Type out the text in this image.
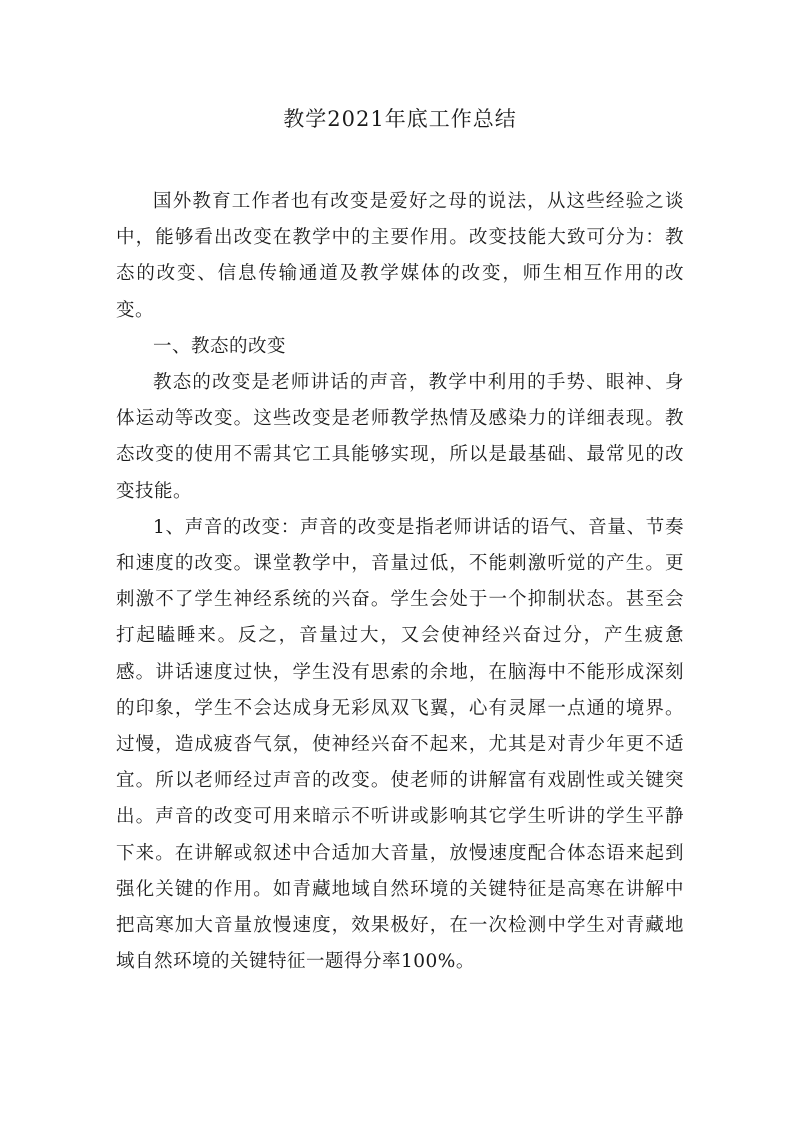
教学2021年底工作总结

国外教育工作者也有改变是爱好之母的说法，从这些经验之谈中，能够看出改变在教学中的主要作用。改变技能大致可分为：教态的改变、信息传输通道及教学媒体的改变，师生相互作用的改变。

一、教态的改变

教态的改变是老师讲话的声音，教学中利用的手势、眼神、身体运动等改变。这些改变是老师教学热情及感染力的详细表现。教态改变的使用不需其它工具能够实现，所以是最基础、最常见的改变技能。

1、声音的改变：声音的改变是指老师讲话的语气、音量、节奏和速度的改变。课堂教学中，音量过低，不能刺激听觉的产生。更刺激不了学生神经系统的兴奋。学生会处于一个抑制状态。甚至会打起瞌睡来。反之，音量过大，又会使神经兴奋过分，产生疲惫感。讲话速度过快，学生没有思索的余地，在脑海中不能形成深刻的印象，学生不会达成身无彩凤双飞翼，心有灵犀一点通的境界。过慢，造成疲沓气氛，使神经兴奋不起来，尤其是对青少年更不适宜。所以老师经过声音的改变。使老师的讲解富有戏剧性或关键突出。声音的改变可用来暗示不听讲或影响其它学生听讲的学生平静下来。在讲解或叙述中合适加大音量，放慢速度配合体态语来起到强化关键的作用。如青藏地域自然环境的关键特征是高寒在讲解中把高寒加大音量放慢速度，效果极好，在一次检测中学生对青藏地域自然环境的关键特征一题得分率100%。
